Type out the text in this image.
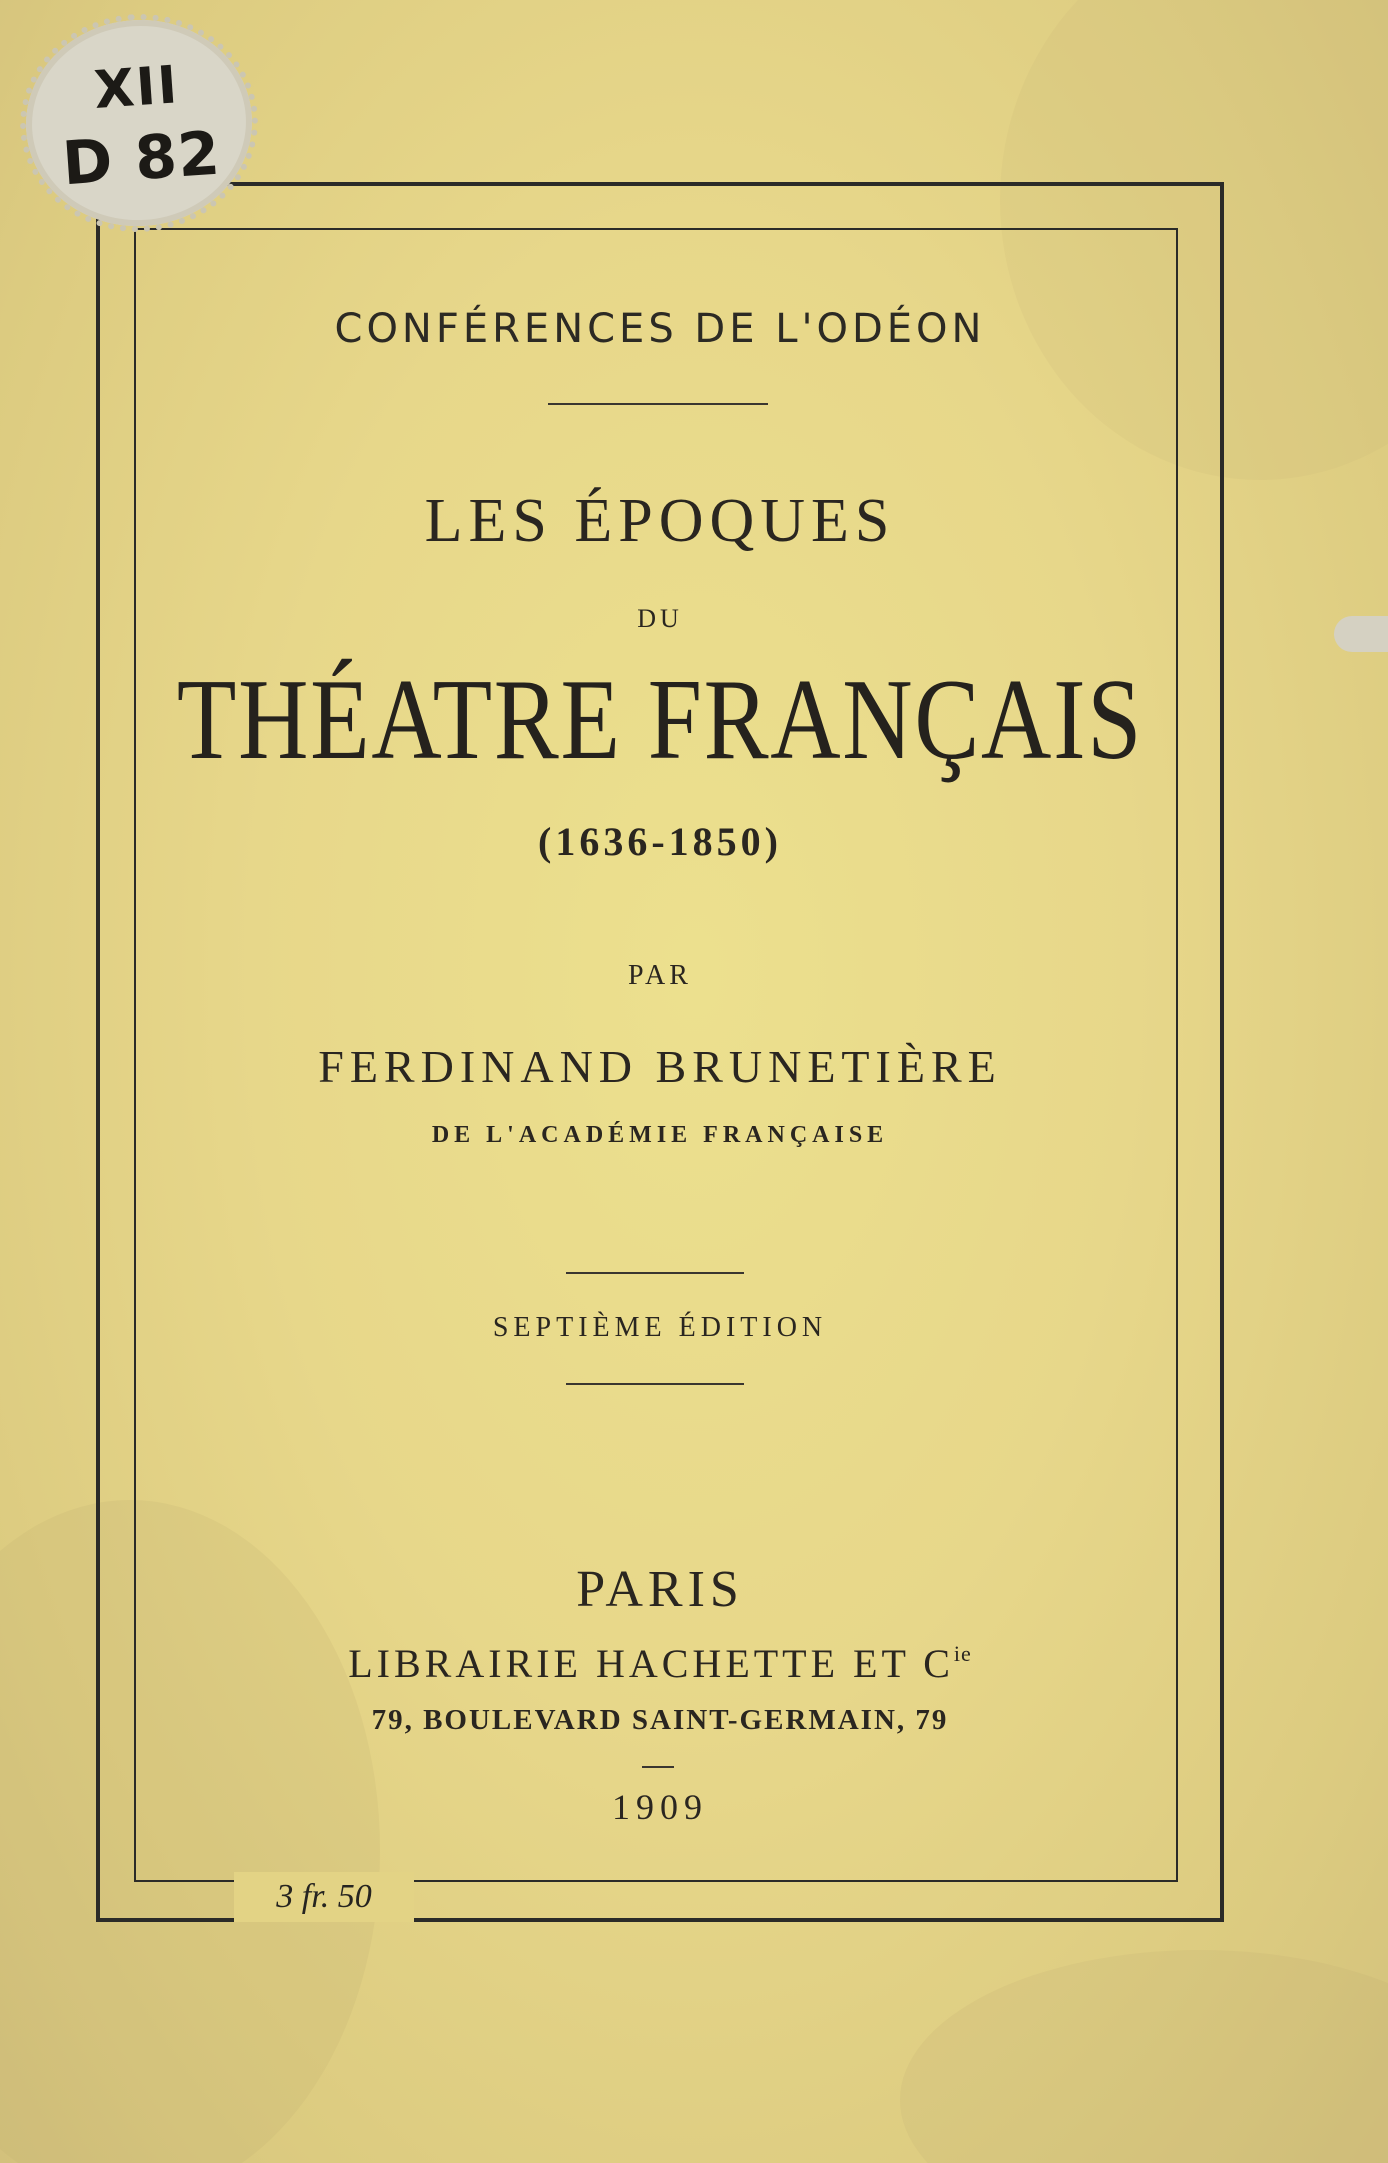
XII
D 82
CONFÉRENCES DE L'ODÉON
LES ÉPOQUES
DU
THÉATRE FRANÇAIS
(1636-1850)
PAR
FERDINAND BRUNETIÈRE
DE L'ACADÉMIE FRANÇAISE
SEPTIÈME ÉDITION
PARIS
LIBRAIRIE HACHETTE ET $C^{ie}$
79, BOULEVARD SAINT-GERMAIN, 79
1909
3 fr. 50
